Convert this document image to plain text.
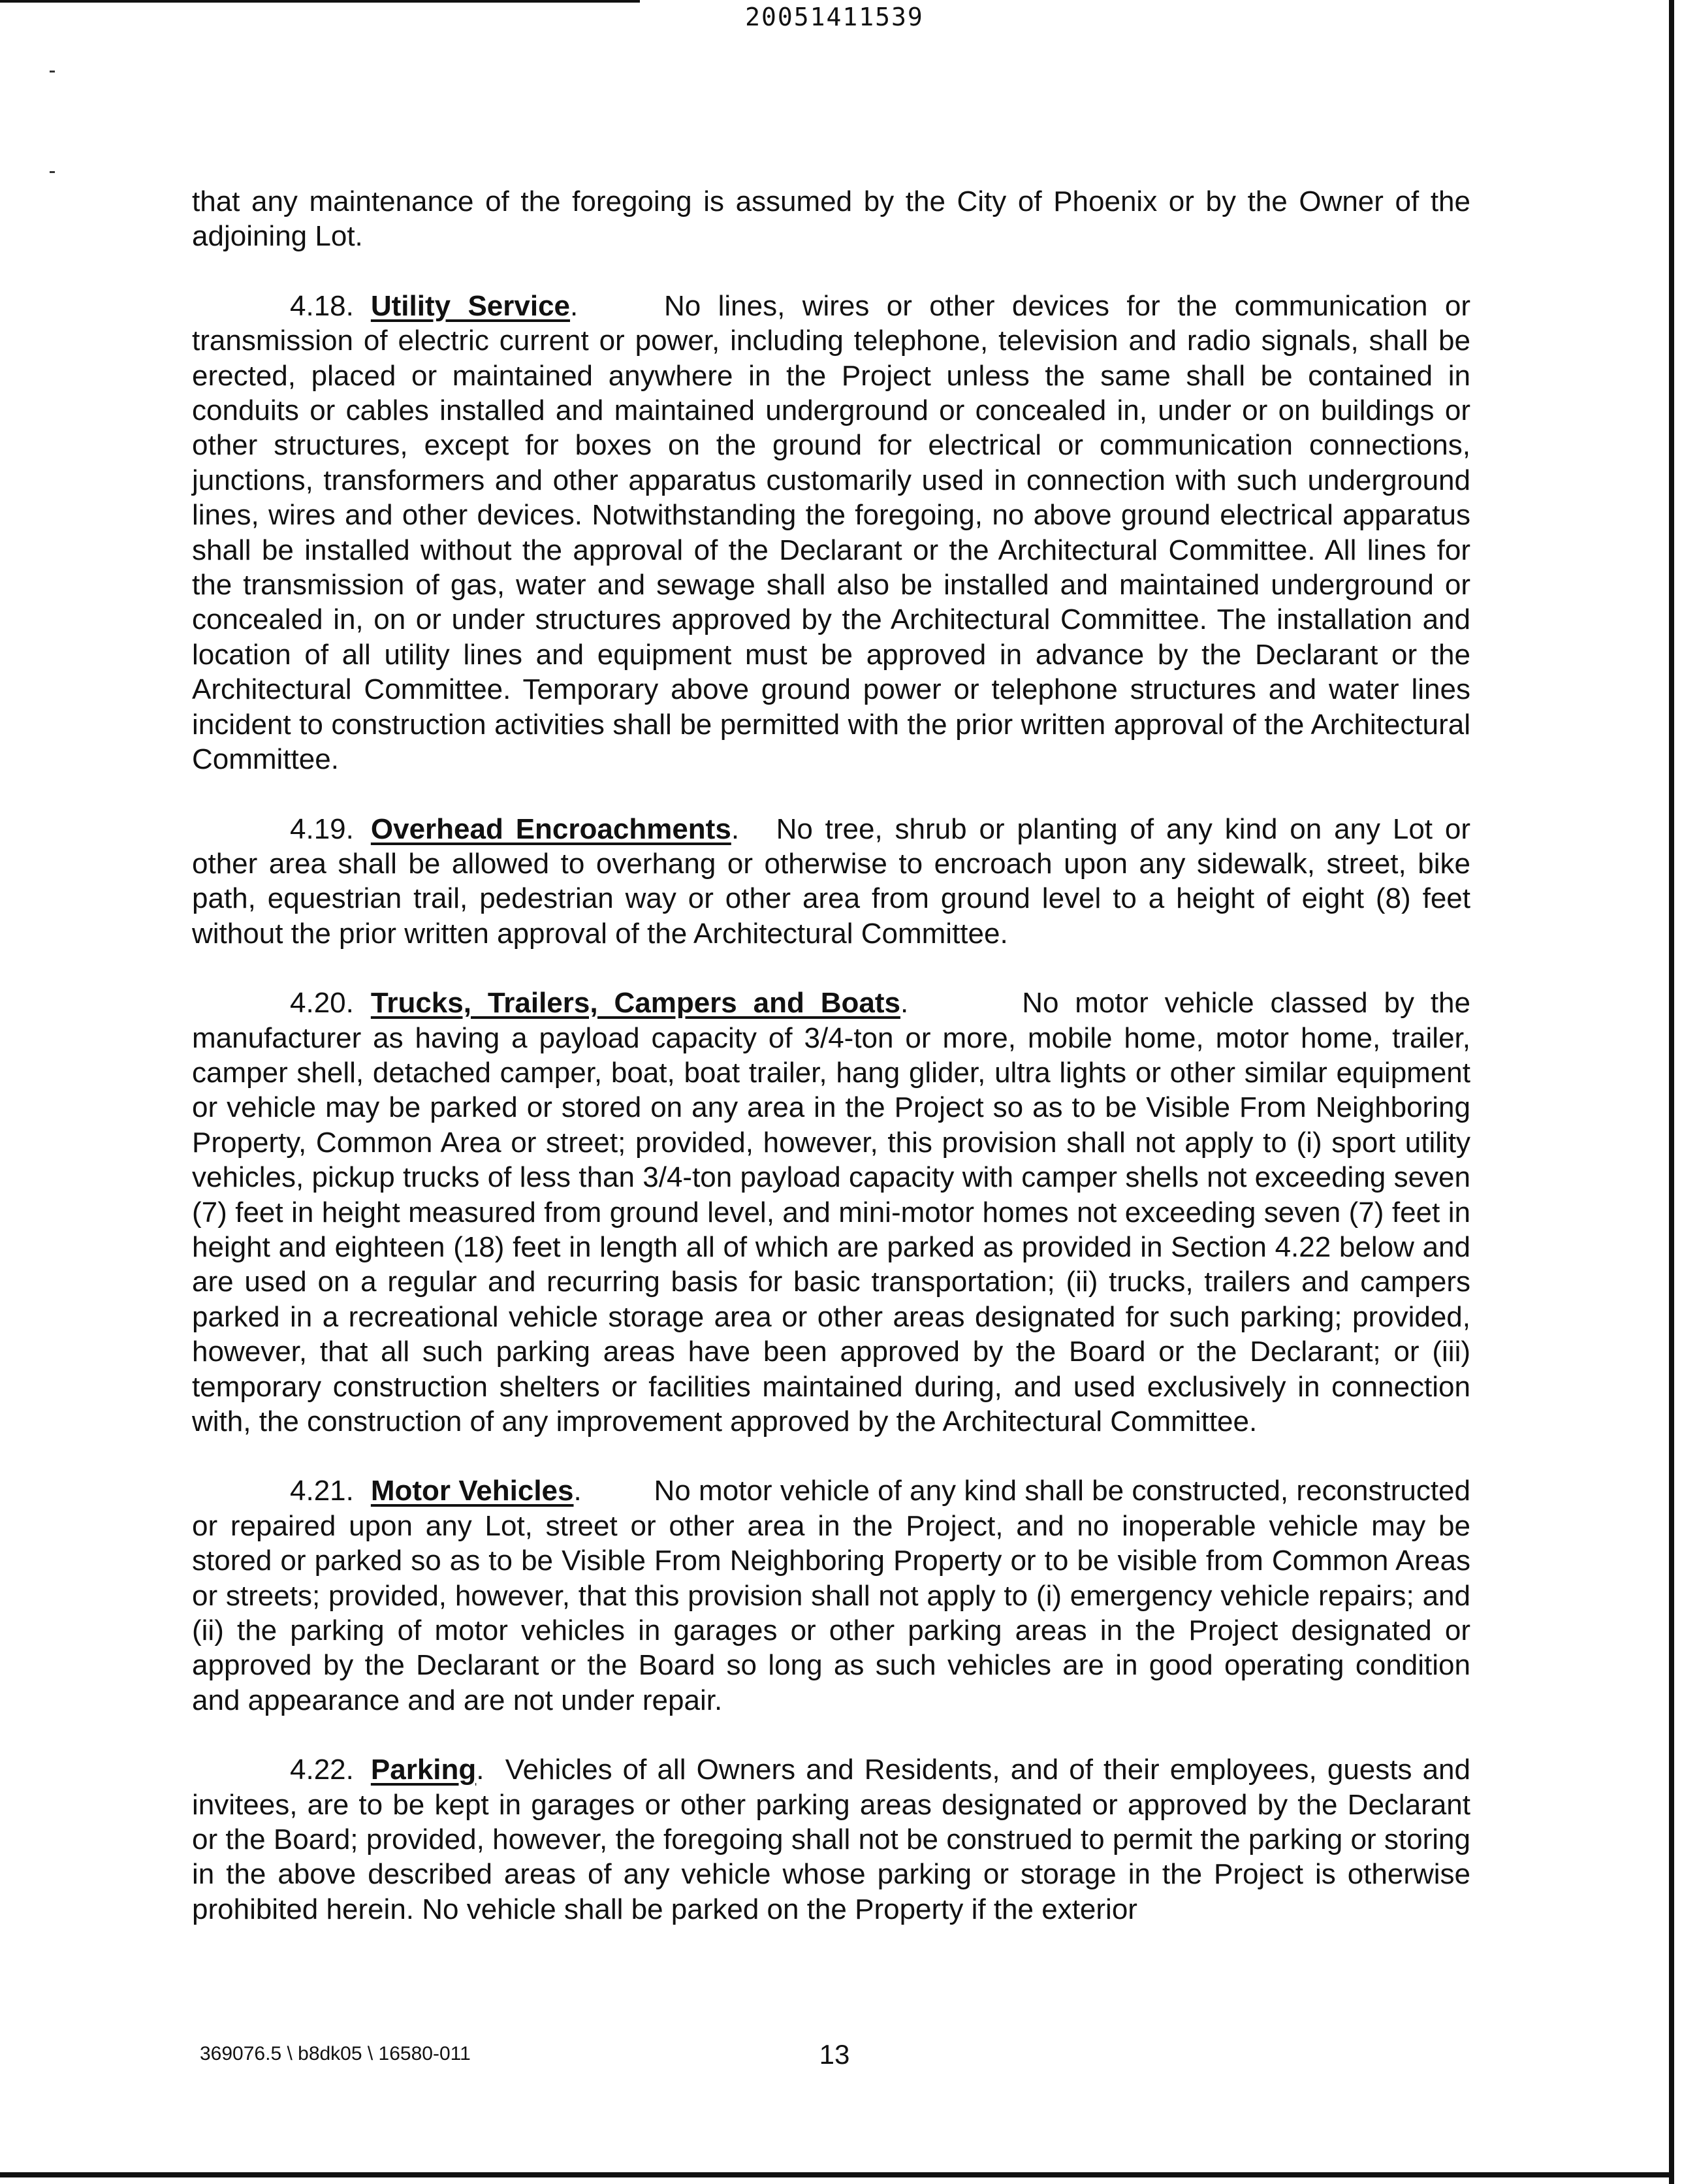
20051411539

that any maintenance of the foregoing is assumed by the City of Phoenix or by the Owner of the adjoining Lot.

4.18. Utility Service.     No lines, wires or other devices for the communication or transmission of electric current or power, including telephone, television and radio signals, shall be erected, placed or maintained anywhere in the Project unless the same shall be contained in conduits or cables installed and maintained underground or concealed in, under or on buildings or other structures, except for boxes on the ground for electrical or communication connections, junctions, transformers and other apparatus customarily used in connection with such underground lines, wires and other devices. Notwithstanding the foregoing, no above ground electrical apparatus shall be installed without the approval of the Declarant or the Architectural Committee. All lines for the transmission of gas, water and sewage shall also be installed and maintained underground or concealed in, on or under structures approved by the Architectural Committee. The installation and location of all utility lines and equipment must be approved in advance by the Declarant or the Architectural Committee. Temporary above ground power or telephone structures and water lines incident to construction activities shall be permitted with the prior written approval of the Architectural Committee.

4.19. Overhead Encroachments.   No tree, shrub or planting of any kind on any Lot or other area shall be allowed to overhang or otherwise to encroach upon any sidewalk, street, bike path, equestrian trail, pedestrian way or other area from ground level to a height of eight (8) feet without the prior written approval of the Architectural Committee.

4.20. Trucks, Trailers, Campers and Boats.       No motor vehicle classed by the manufacturer as having a payload capacity of 3/4-ton or more, mobile home, motor home, trailer, camper shell, detached camper, boat, boat trailer, hang glider, ultra lights or other similar equipment or vehicle may be parked or stored on any area in the Project so as to be Visible From Neighboring Property, Common Area or street; provided, however, this provision shall not apply to (i) sport utility vehicles, pickup trucks of less than 3/4-ton payload capacity with camper shells not exceeding seven (7) feet in height measured from ground level, and mini-motor homes not exceeding seven (7) feet in height and eighteen (18) feet in length all of which are parked as provided in Section 4.22 below and are used on a regular and recurring basis for basic transportation; (ii) trucks, trailers and campers parked in a recreational vehicle storage area or other areas designated for such parking; provided, however, that all such parking areas have been approved by the Board or the Declarant; or (iii) temporary construction shelters or facilities maintained during, and used exclusively in connection with, the construction of any improvement approved by the Architectural Committee.

4.21. Motor Vehicles.         No motor vehicle of any kind shall be constructed, reconstructed or repaired upon any Lot, street or other area in the Project, and no inoperable vehicle may be stored or parked so as to be Visible From Neighboring Property or to be visible from Common Areas or streets; provided, however, that this provision shall not apply to (i) emergency vehicle repairs; and (ii) the parking of motor vehicles in garages or other parking areas in the Project designated or approved by the Declarant or the Board so long as such vehicles are in good operating condition and appearance and are not under repair.

4.22. Parking.  Vehicles of all Owners and Residents, and of their employees, guests and invitees, are to be kept in garages or other parking areas designated or approved by the Declarant or the Board; provided, however, the foregoing shall not be construed to permit the parking or storing in the above described areas of any vehicle whose parking or storage in the Project is otherwise prohibited herein. No vehicle shall be parked on the Property if the exterior

369076.5 \ b8dk05 \ 16580-011	13
